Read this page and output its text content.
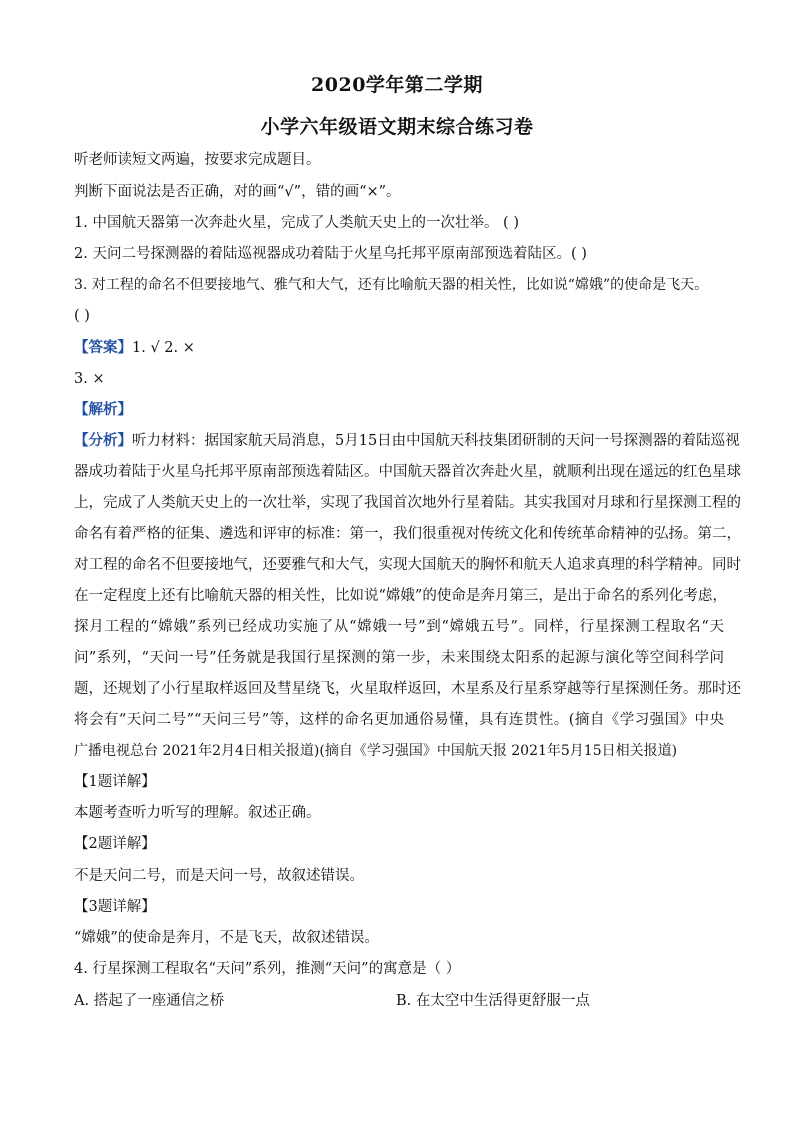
2020学年第二学期
小学六年级语文期末综合练习卷
听老师读短文两遍，按要求完成题目。
判断下面说法是否正确，对的画“√”，错的画“×”。
1. 中国航天器第一次奔赴火星，完成了人类航天史上的一次壮举。 ( )
2. 天问二号探测器的着陆巡视器成功着陆于火星乌托邦平原南部预选着陆区。( )
3. 对工程的命名不但要接地气、雅气和大气，还有比喻航天器的相关性，比如说“嫦娥”的使命是飞天。
( )
【答案】1. √ 2. ×
3. ×
【解析】
【分析】听力材料：据国家航天局消息，5月15日由中国航天科技集团研制的天问一号探测器的着陆巡视
器成功着陆于火星乌托邦平原南部预选着陆区。中国航天器首次奔赴火星，就顺利出现在遥远的红色星球
上，完成了人类航天史上的一次壮举，实现了我国首次地外行星着陆。其实我国对月球和行星探测工程的
命名有着严格的征集、遴选和评审的标准：第一，我们很重视对传统文化和传统革命精神的弘扬。第二，
对工程的命名不但要接地气，还要雅气和大气，实现大国航天的胸怀和航天人追求真理的科学精神。同时
在一定程度上还有比喻航天器的相关性，比如说“嫦娥”的使命是奔月第三，是出于命名的系列化考虑，
探月工程的“嫦娥”系列已经成功实施了从“嫦娥一号”到“嫦娥五号”。同样，行星探测工程取名“天
问”系列，“天问一号”任务就是我国行星探测的第一步，未来围绕太阳系的起源与演化等空间科学问
题，还规划了小行星取样返回及彗星绕飞，火星取样返回，木星系及行星系穿越等行星探测任务。那时还
将会有“天问二号”“天问三号”等，这样的命名更加通俗易懂，具有连贯性。(摘自《学习强国》中央
广播电视总台 2021年2月4日相关报道)(摘自《学习强国》中国航天报 2021年5月15日相关报道)
【1题详解】
本题考查听力听写的理解。叙述正确。
【2题详解】
不是天问二号，而是天问一号，故叙述错误。
【3题详解】
“嫦娥”的使命是奔月，不是飞天，故叙述错误。
4. 行星探测工程取名“天问”系列，推测“天问”的寓意是（ ）
A. 搭起了一座通信之桥	B. 在太空中生活得更舒服一点
